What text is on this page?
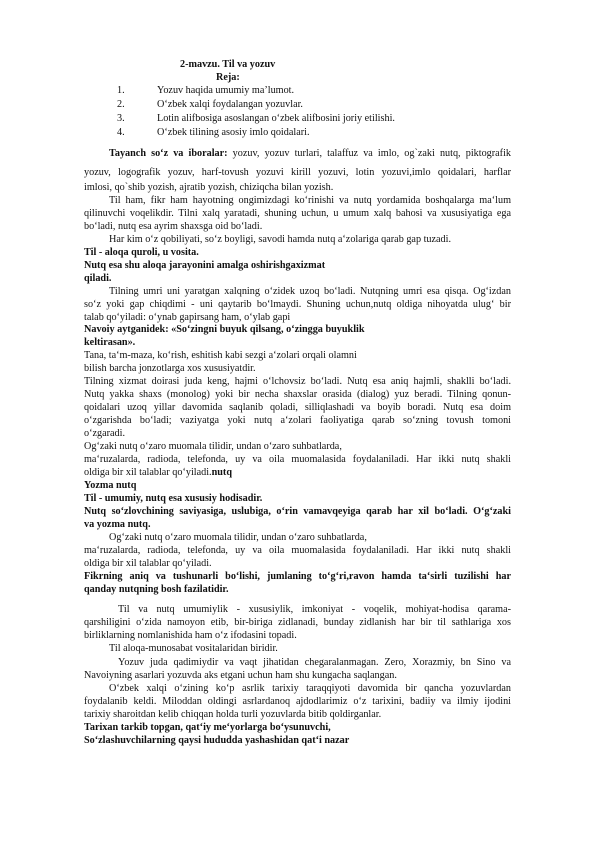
2-mavzu. Til va yozuv
Reja:
1.	Yozuv haqida umumiy ma’lumot.
2.	O‘zbek xalqi foydalangan yozuvlar.
3.	Lotin alifbosiga asoslangan o‘zbek alifbosini joriy etilishi.
4.	O‘zbek tilining asosiy imlo qoidalari.
Tayanch so‘z va iboralar: yozuv, yozuv turlari, talaffuz va imlo, og`zaki nutq, piktografik
yozuv, logografik yozuv, harf-tovush yozuvi kirill yozuvi, lotin yozuvi,imlo qoidalari, harflar
imlosi, qo`shib yozish, ajratib yozish, chiziqcha bilan yozish.
Til ham, fikr ham hayotning ongimizdagi ko‘rinishi va nutq yordamida boshqalarga ma‘lum
qilinuvchi voqelikdir. Tilni xalq yaratadi, shuning uchun, u umum xalq bahosi va xususiyatiga ega
bo‘ladi, nutq esa ayrim shaxsga oid bo‘ladi.
Har kim o‘z qobiliyati, so‘z boyligi, savodi hamda nutq a‘zolariga qarab gap tuzadi.
Til - aloqa quroli, u vosita.
Nutq esa shu aloqa jarayonini amalga oshirishgaxizmat
qiladi.
Tilning umri uni yaratgan xalqning o‘zidek uzoq bo‘ladi. Nutqning umri esa qisqa. Og‘izdan
so‘z yoki gap chiqdimi - uni qaytarib bo‘lmaydi. Shuning uchun,nutq oldiga nihoyatda ulug‘ bir
talab qo‘yiladi: o‘ynab gapirsang ham, o‘ylab gapi
Navoiy aytganidek: «So‘zingni buyuk qilsang, o‘zingga buyuklik
keltirasan».
Tana, ta‘m-maza, ko‘rish, eshitish kabi sezgi a‘zolari orqali olamni
bilish barcha jonzotlarga xos xususiyatdir.
Tilning xizmat doirasi juda keng, hajmi o‘lchovsiz bo‘ladi. Nutq esa aniq hajmli, shaklli bo‘ladi.
Nutq yakka shaxs (monolog) yoki bir necha shaxslar orasida (dialog) yuz beradi. Tilning qonun-
qoidalari uzoq yillar davomida saqlanib qoladi, silliqlashadi va boyib boradi. Nutq esa doim
o‘zgarishda bo‘ladi; vaziyatga yoki nutq a‘zolari faoliyatiga qarab so‘zning tovush tomoni
o‘zgaradi.
Og‘zaki nutq o‘zaro muomala tilidir, undan o‘zaro suhbatlarda,
ma‘ruzalarda, radioda, telefonda, uy va oila muomalasida foydalaniladi. Har ikki nutq shakli
oldiga bir xil talablar qo‘yiladi.nutq
Yozma nutq
Til - umumiy, nutq esa xususiy hodisadir.
Nutq so‘zlovchining saviyasiga, uslubiga, o‘rin vamavqeyiga qarab har xil bo‘ladi. O‘g‘zaki
va yozma nutq.
Og‘zaki nutq o‘zaro muomala tilidir, undan o‘zaro suhbatlarda,
ma‘ruzalarda, radioda, telefonda, uy va oila muomalasida foydalaniladi. Har ikki nutq shakli
oldiga bir xil talablar qo‘yiladi.
Fikrning aniq va tushunarli bo‘lishi, jumlaning to‘g‘ri,ravon hamda ta‘sirli tuzilishi har
qanday nutqning bosh fazilatidir.
Til va nutq umumiylik - xususiylik, imkoniyat - voqelik, mohiyat-hodisa qarama-
qarshiligini o‘zida namoyon etib, bir-biriga zidlanadi, bunday zidlanish har bir til sathlariga xos
birliklarning nomlanishida ham o‘z ifodasini topadi.
Til aloqa-munosabat vositalaridan biridir.
Yozuv juda qadimiydir va vaqt jihatidan chegaralanmagan. Zero, Xorazmiy, bn Sino va
Navoiyning asarlari yozuvda aks etgani uchun ham shu kungacha saqlangan.
O‘zbek xalqi o‘zining ko‘p asrlik tarixiy taraqqiyoti davomida bir qancha yozuvlardan
foydalanib keldi. Miloddan oldingi asrlardanoq ajdodlarimiz o‘z tarixini, badiiy va ilmiy ijodini
tarixiy sharoitdan kelib chiqqan holda turli yozuvlarda bitib qoldirganlar.
Tarixan tarkib topgan, qat‘iy me‘yorlarga bo‘ysunuvchi,
So‘zlashuvchilarning qaysi hududda yashashidan qat‘i nazar
